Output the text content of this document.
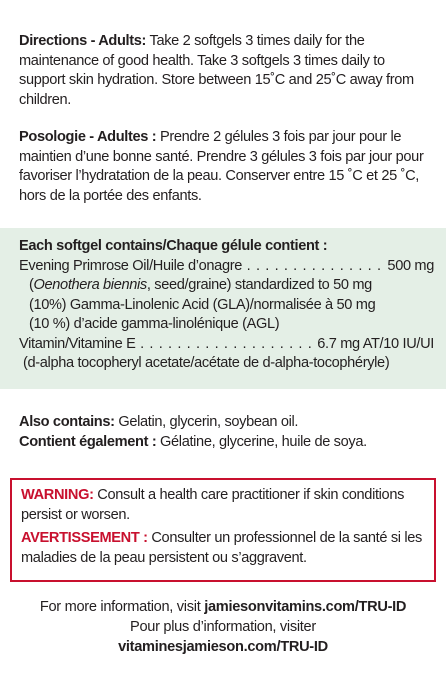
Directions - Adults: Take 2 softgels 3 times daily for the maintenance of good health. Take 3 softgels 3 times daily to support skin hydration. Store between 15˚C and 25˚C away from children.

Posologie - Adultes : Prendre 2 gélules 3 fois par jour pour le maintien d’une bonne santé. Prendre 3 gélules 3 fois par jour pour favoriser l’hydratation de la peau. Conserver entre 15 ˚C et 25 ˚C, hors de la portée des enfants.

Each softgel contains/Chaque gélule contient :
Evening Primrose Oil/Huile d’onagre . . .	500 mg
(Oenothera biennis, seed/graine) standardized to 50 mg
(10%) Gamma-Linolenic Acid (GLA)/normalisée à 50 mg
(10 %) d’acide gamma-linolénique (AGL)
Vitamin/Vitamine E . . .	6.7 mg AT/10 IU/UI
(d-alpha tocopheryl acetate/acétate de d-alpha-tocophéryle)

Also contains: Gelatin, glycerin, soybean oil.

Contient également : Gélatine, glycerine, huile de soya.

WARNING: Consult a health care practitioner if skin conditions persist or worsen.

AVERTISSEMENT : Consulter un professionnel de la santé si les maladies de la peau persistent ou s’aggravent.

For more information, visit jamiesonvitamins.com/TRU-ID

Pour plus d’information, visiter

vitaminesjamieson.com/TRU-ID
